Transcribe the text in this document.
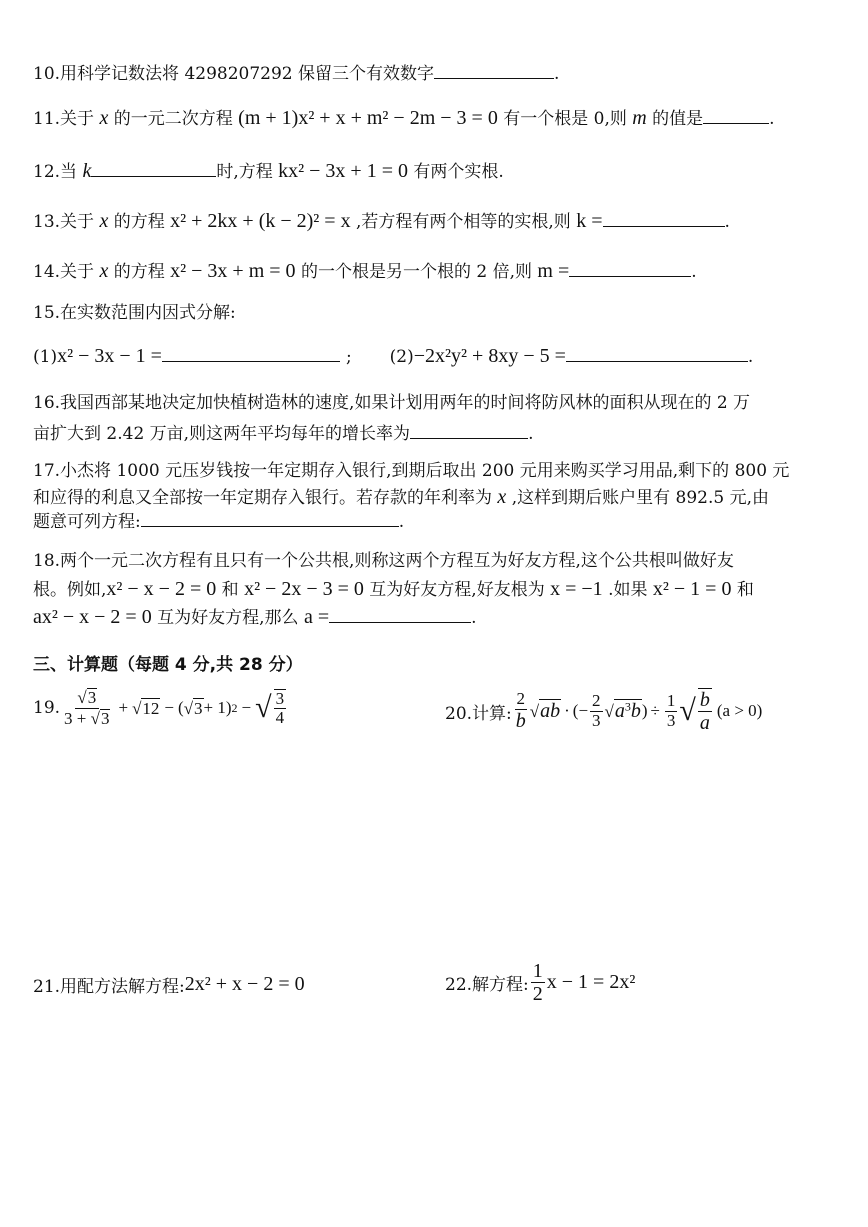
10.用科学记数法将 4298207292 保留三个有效数字	.
11.关于 x 的一元二次方程 (m + 1)x² + x + m² − 2m − 3 = 0 有一个根是 0,则 m 的值是	.
12.当 k	时,方程 kx² − 3x + 1 = 0 有两个实根.
13.关于 x 的方程 x² + 2kx + (k − 2)² = x ,若方程有两个相等的实根,则 k =	.
14.关于 x 的方程 x² − 3x + m = 0 的一个根是另一个根的 2 倍,则 m =	.
15.在实数范围内因式分解:
(1)x² − 3x − 1 =	; (2)−2x²y² + 8xy − 5 =	.
16.我国西部某地决定加快植树造林的速度,如果计划用两年的时间将防风林的面积从现在的 2 万
亩扩大到 2.42 万亩,则这两年平均每年的增长率为	.
17.小杰将 1000 元压岁钱按一年定期存入银行,到期后取出 200 元用来购买学习用品,剩下的 800 元
和应得的利息又全部按一年定期存入银行。若存款的年利率为 x ,这样到期后账户里有 892.5 元,由
题意可列方程:	.
18.两个一元二次方程有且只有一个公共根,则称这两个方程互为好友方程,这个公共根叫做好友
根。例如,x² − x − 2 = 0 和 x² − 2x − 3 = 0 互为好友方程,好友根为 x = −1 .如果 x² − 1 = 0 和
ax² − x − 2 = 0 互为好友方程,那么 a =	.
三、计算题（每题 4 分,共 28 分）
19. $\frac{√3}{3 + √3} + √12$ − ( √3 + 1) 2 − √ $\frac{3}{4}$	20.计算: $\frac{2}{b} √ab$ · (− $\frac{2}{3} √a^3b$ ) ÷ $\frac{1}{3}$ √ $\frac{b}{a} (a > 0)$
21.用配方法解方程: 2x² + x − 2 = 0	22.解方程: $\frac{1}{2}$ x − 1 = 2x²
